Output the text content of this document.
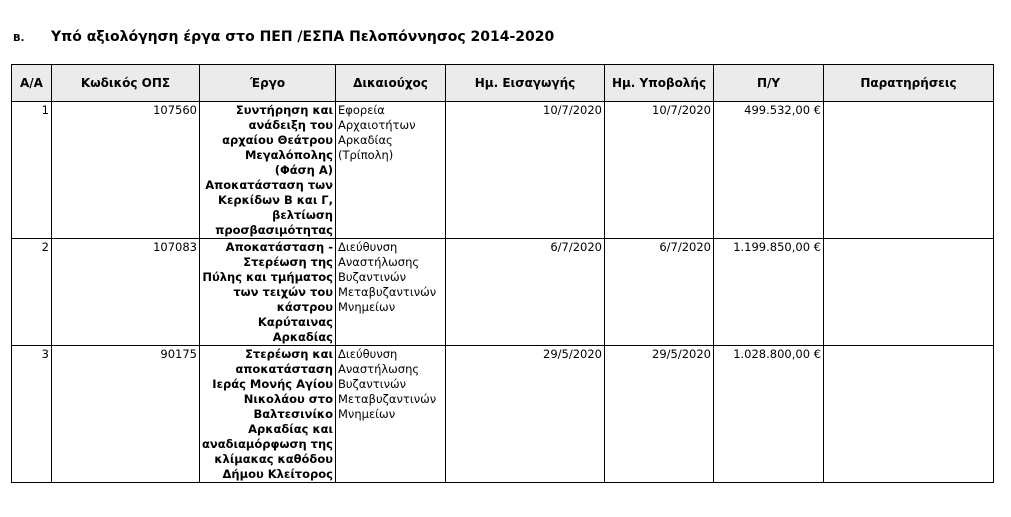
Β. Υπό αξιολόγηση έργα στο ΠΕΠ /ΕΣΠΑ Πελοπόννησος 2014-2020
Α/Α	Κωδικός ΟΠΣ	Έργο	Δικαιούχος	Ημ. Εισαγωγής	Ημ. Υποβολής	Π/Υ	Παρατηρήσεις
1	107560	Συντήρηση και ανάδειξη του αρχαίου Θεάτρου Μεγαλόπολης (Φάση Α) Αποκατάσταση των Κερκίδων Β και Γ, βελτίωση προσβασιμότητας	Εφορεία Αρχαιοτήτων Αρκαδίας (Τρίπολη)	10/7/2020	10/7/2020	499.532,00 €	
2	107083	Αποκατάσταση - Στερέωση της Πύλης και τμήματος των τειχών του κάστρου Καρύταινας Αρκαδίας	Διεύθυνση Αναστήλωσης Βυζαντινών Μεταβυζαντινών Μνημείων	6/7/2020	6/7/2020	1.199.850,00 €	
3	90175	Στερέωση και αποκατάσταση Ιεράς Μονής Αγίου Νικολάου στο Βαλτεσινίκο Αρκαδίας και αναδιαμόρφωση της κλίμακας καθόδου Δήμου Κλείτορος	Διεύθυνση Αναστήλωσης Βυζαντινών Μεταβυζαντινών Μνημείων	29/5/2020	29/5/2020	1.028.800,00 €	
